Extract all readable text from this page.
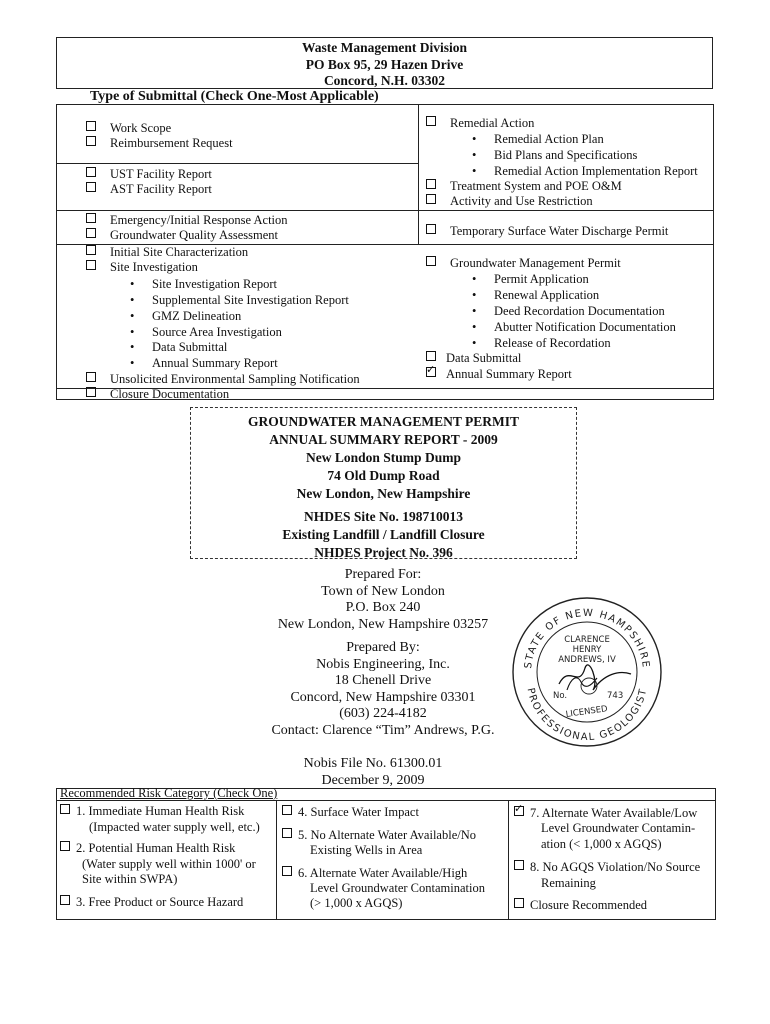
Waste Management Division
PO Box 95, 29 Hazen Drive
Concord, N.H. 03302
Type of Submittal (Check One-Most Applicable)
Work Scope
Reimbursement Request
UST Facility Report
AST Facility Report
Emergency/Initial Response Action
Groundwater Quality Assessment
Initial Site Characterization
Site Investigation
• Site Investigation Report
• Supplemental Site Investigation Report
• GMZ Delineation
• Source Area Investigation
• Data Submittal
• Annual Summary Report
Unsolicited Environmental Sampling Notification
Closure Documentation
Remedial Action
• Remedial Action Plan
• Bid Plans and Specifications
• Remedial Action Implementation Report
Treatment System and POE O&M
Activity and Use Restriction
Temporary Surface Water Discharge Permit
Groundwater Management Permit
• Permit Application
• Renewal Application
• Deed Recordation Documentation
• Abutter Notification Documentation
• Release of Recordation
Data Submittal
✓Annual Summary Report
GROUNDWATER MANAGEMENT PERMIT
ANNUAL SUMMARY REPORT - 2009
New London Stump Dump
74 Old Dump Road
New London, New Hampshire
NHDES Site No. 198710013
Existing Landfill / Landfill Closure
NHDES Project No. 396
Prepared For:
Town of New London
P.O. Box 240
New London, New Hampshire 03257
Prepared By:
Nobis Engineering, Inc.
18 Chenell Drive
Concord, New Hampshire 03301
(603) 224-4182
Contact: Clarence “Tim” Andrews, P.G.
Nobis File No. 61300.01
December 9, 2009
STATE OF NEW HAMPSHIRE
PROFESSIONAL GEOLOGIST
CLARENCE
HENRY
ANDREWS, IV
No.	743
LICENSED
Recommended Risk Category (Check One)
1. Immediate Human Health Risk
(Impacted water supply well, etc.)
2. Potential Human Health Risk
(Water supply well within 1000' or
Site within SWPA)
3. Free Product or Source Hazard
4. Surface Water Impact
5. No Alternate Water Available/No
Existing Wells in Area
6. Alternate Water Available/High
Level Groundwater Contamination
(> 1,000 x AGQS)
✓7. Alternate Water Available/Low
Level Groundwater Contamin-
ation (< 1,000 x AGQS)
8. No AGQS Violation/No Source
Remaining
Closure Recommended
